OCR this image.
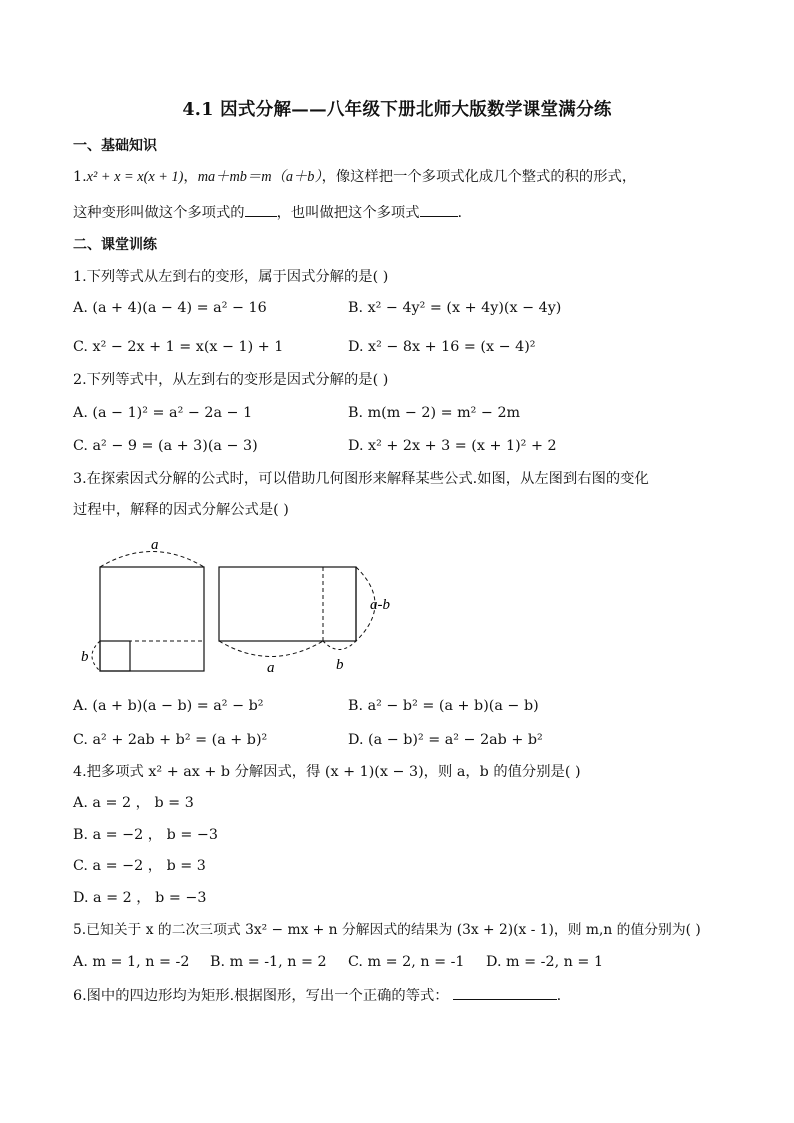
4.1 因式分解——八年级下册北师大版数学课堂满分练
一、基础知识
1.x² + x = x(x + 1)，ma＋mb＝m（a＋b），像这样把一个多项式化成几个整式的积的形式，
这种变形叫做这个多项式的 ，也叫做把这个多项式	.
二、课堂训练
1.下列等式从左到右的变形，属于因式分解的是( )
A. (a + 4)(a − 4) = a² − 16	B. x² − 4y² = (x + 4y)(x − 4y)
C. x² − 2x + 1 = x(x − 1) + 1	D. x² − 8x + 16 = (x − 4)²
2.下列等式中，从左到右的变形是因式分解的是( )
A. (a − 1)² = a² − 2a − 1	B. m(m − 2) = m² − 2m
C. a² − 9 = (a + 3)(a − 3)	D. x² + 2x + 3 = (x + 1)² + 2
3.在探索因式分解的公式时，可以借助几何图形来解释某些公式.如图，从左图到右图的变化
过程中，解释的因式分解公式是( )
a
b
a-b
a	b
A. (a + b)(a − b) = a² − b²	B. a² − b² = (a + b)(a − b)
C. a² + 2ab + b² = (a + b)²	D. (a − b)² = a² − 2ab + b²
4.把多项式 x² + ax + b 分解因式，得 (x + 1)(x − 3)，则 a，b 的值分别是( )
A. a = 2 ， b = 3
B. a = −2 ， b = −3
C. a = −2 ， b = 3
D. a = 2 ， b = −3
5.已知关于 x 的二次三项式 3x² − mx + n 分解因式的结果为 (3x + 2)(x - 1)，则 m,n 的值分别为( )
A. m = 1, n = -2 B. m = -1, n = 2 C. m = 2, n = -1 D. m = -2, n = 1
6.图中的四边形均为矩形.根据图形，写出一个正确的等式：	.
